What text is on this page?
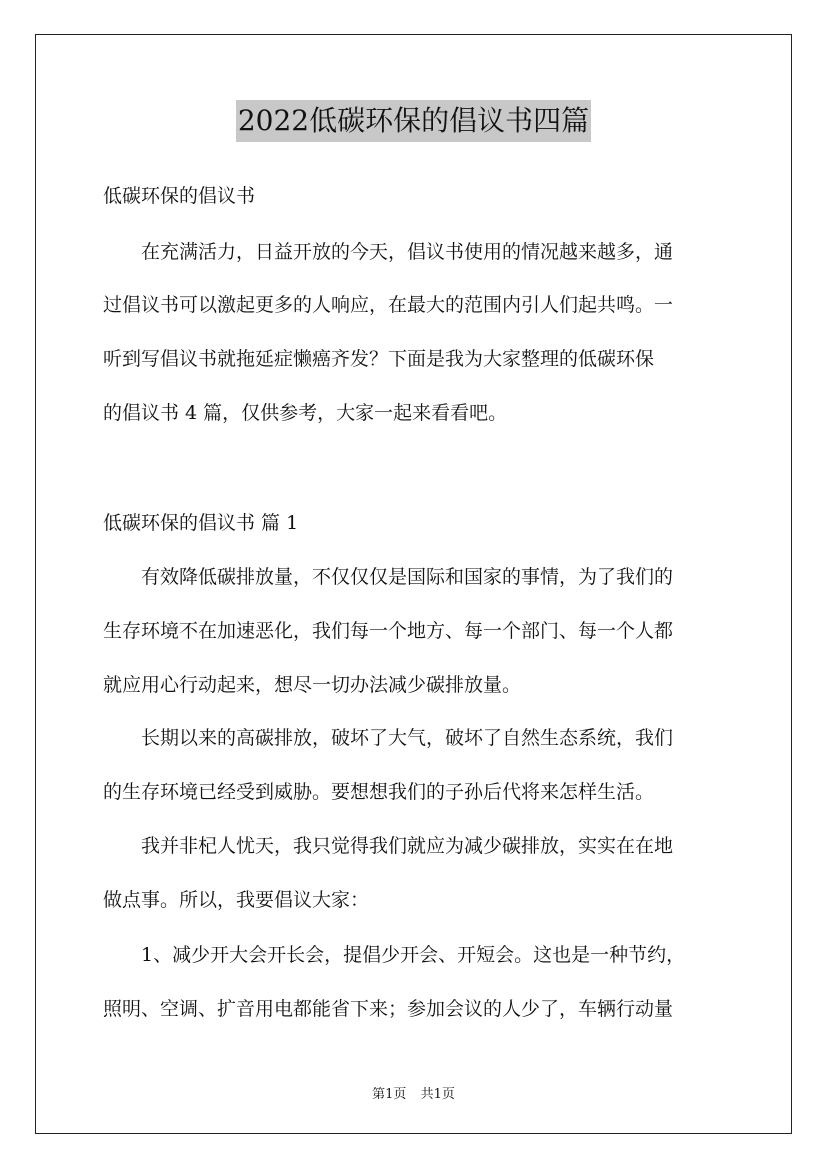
2022低碳环保的倡议书四篇
低碳环保的倡议书
　　在充满活力，日益开放的今天，倡议书使用的情况越来越多，通
过倡议书可以激起更多的人响应，在最大的范围内引人们起共鸣。一
听到写倡议书就拖延症懒癌齐发？下面是我为大家整理的低碳环保
的倡议书 4 篇，仅供参考，大家一起来看看吧。
低碳环保的倡议书 篇 1
　　有效降低碳排放量，不仅仅仅是国际和国家的事情，为了我们的
生存环境不在加速恶化，我们每一个地方、每一个部门、每一个人都
就应用心行动起来，想尽一切办法减少碳排放量。
　　长期以来的高碳排放，破坏了大气，破坏了自然生态系统，我们
的生存环境已经受到威胁。要想想我们的子孙后代将来怎样生活。
　　我并非杞人忧天，我只觉得我们就应为减少碳排放，实实在在地
做点事。所以，我要倡议大家：
　　1、减少开大会开长会，提倡少开会、开短会。这也是一种节约，
照明、空调、扩音用电都能省下来；参加会议的人少了，车辆行动量
第1页 共1页
